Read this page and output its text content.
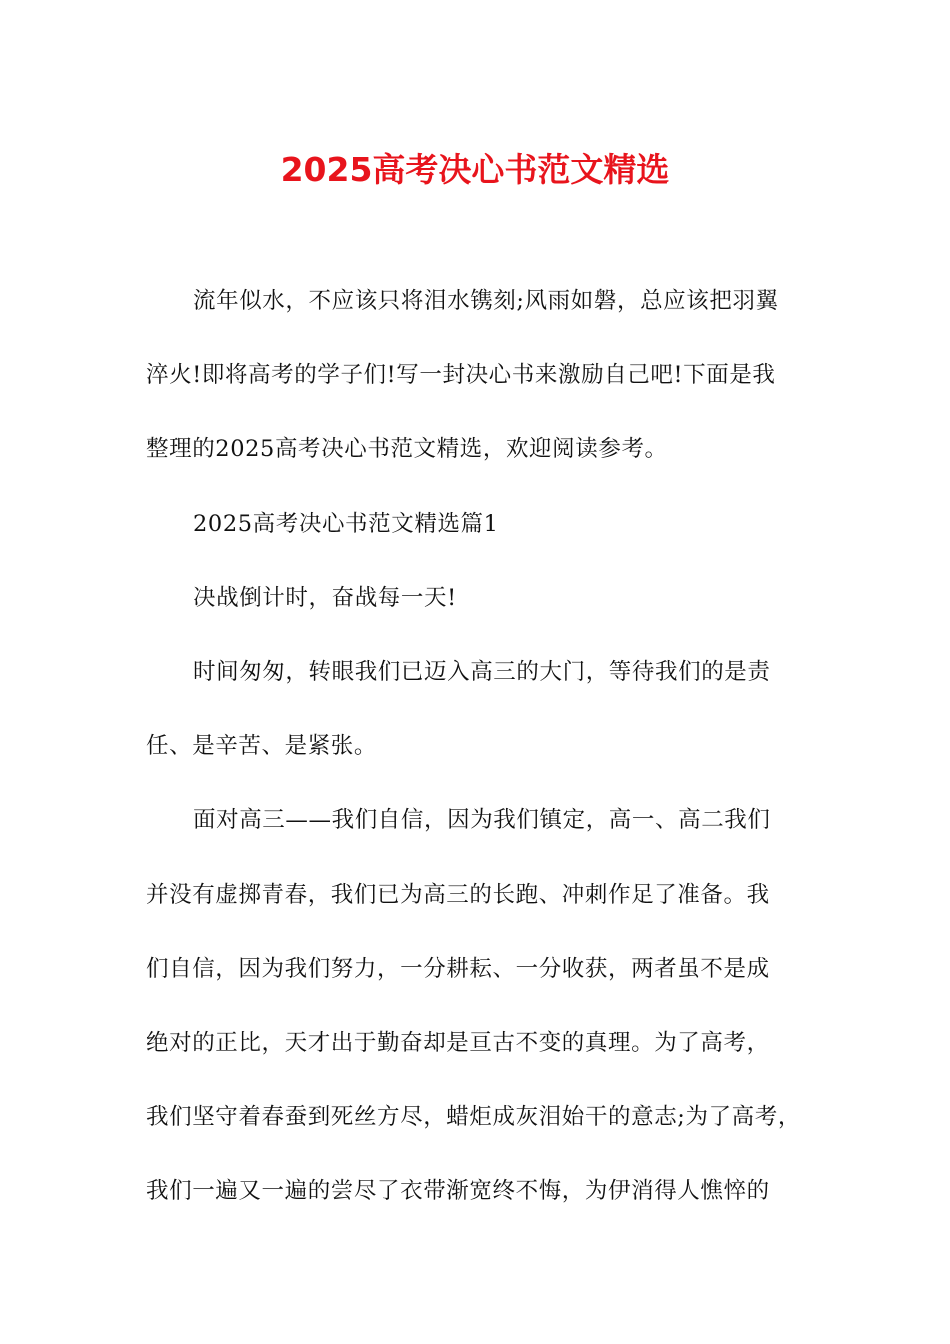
2025高考决心书范文精选
流年似水，不应该只将泪水镌刻;风雨如磐，总应该把羽翼
淬火!即将高考的学子们!写一封决心书来激励自己吧!下面是我
整理的2025高考决心书范文精选，欢迎阅读参考。
2025高考决心书范文精选篇1
决战倒计时，奋战每一天!
时间匆匆，转眼我们已迈入高三的大门，等待我们的是责
任、是辛苦、是紧张。
面对高三——我们自信，因为我们镇定，高一、高二我们
并没有虚掷青春，我们已为高三的长跑、冲刺作足了准备。我
们自信，因为我们努力，一分耕耘、一分收获，两者虽不是成
绝对的正比，天才出于勤奋却是亘古不变的真理。为了高考，
我们坚守着春蚕到死丝方尽，蜡炬成灰泪始干的意志;为了高考，
我们一遍又一遍的尝尽了衣带渐宽终不悔，为伊消得人憔悴的
